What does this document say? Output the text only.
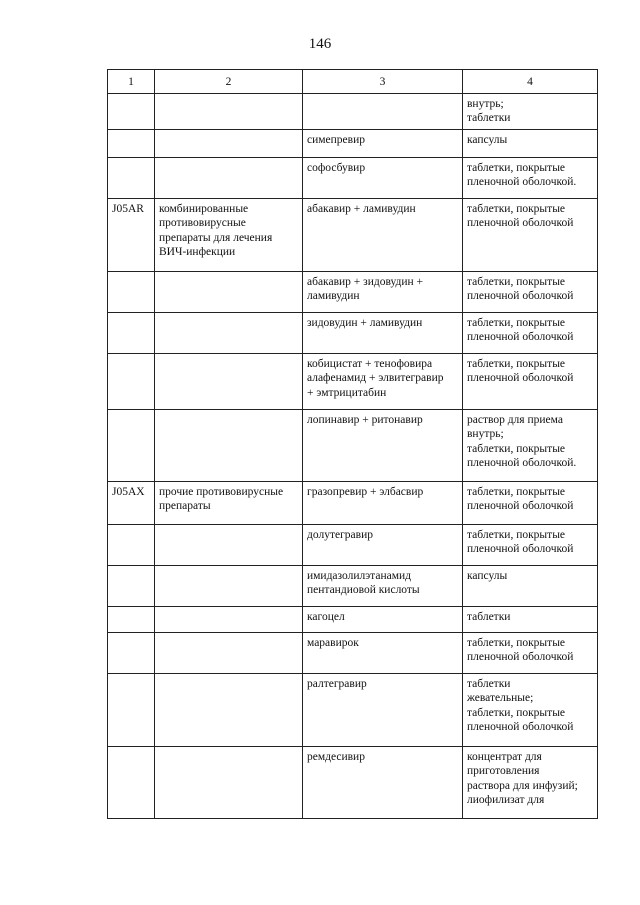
146
1	2	3	4
			внутрь;
таблетки
		симепревир	капсулы
		софосбувир	таблетки, покрытые
пленочной оболочкой.
J05AR	комбинированные
противовирусные
препараты для лечения
ВИЧ-инфекции	абакавир + ламивудин	таблетки, покрытые
пленочной оболочкой
		абакавир + зидовудин +
ламивудин	таблетки, покрытые
пленочной оболочкой
		зидовудин + ламивудин	таблетки, покрытые
пленочной оболочкой
		кобицистат + тенофовира
алафенамид + элвитегравир
+ эмтрицитабин	таблетки, покрытые
пленочной оболочкой
		лопинавир + ритонавир	раствор для приема
внутрь;
таблетки, покрытые
пленочной оболочкой.
J05AX	прочие противовирусные
препараты	гразопревир + элбасвир	таблетки, покрытые
пленочной оболочкой
		долутегравир	таблетки, покрытые
пленочной оболочкой
		имидазолилэтанамид
пентандиовой кислоты	капсулы
		кагоцел	таблетки
		маравирок	таблетки, покрытые
пленочной оболочкой
		ралтегравир	таблетки
жевательные;
таблетки, покрытые
пленочной оболочкой
		ремдесивир	концентрат для
приготовления
раствора для инфузий;
лиофилизат для
